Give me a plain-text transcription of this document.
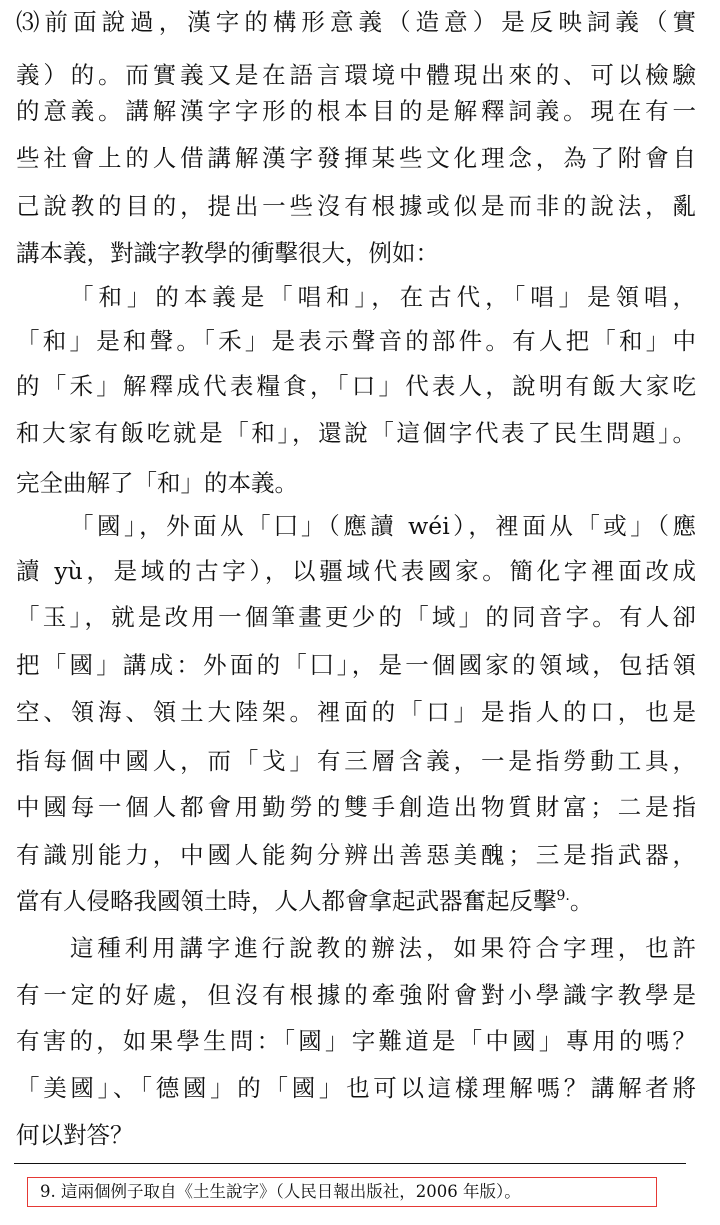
⑶前面說過，漢字的構形意義（造意）是反映詞義（實
義）的。而實義又是在語言環境中體現出來的、可以檢驗
的意義。講解漢字字形的根本目的是解釋詞義。現在有一
些社會上的人借講解漢字發揮某些文化理念，為了附會自
己說教的目的，提出一些沒有根據或似是而非的說法，亂
講本義，對識字教學的衝擊很大，例如：
「和」的本義是「唱和」，在古代，「唱」是領唱，
「和」是和聲。「禾」是表示聲音的部件。有人把「和」中
的「禾」解釋成代表糧食，「口」代表人，說明有飯大家吃
和大家有飯吃就是「和」，還說「這個字代表了民生問題」。
完全曲解了「和」的本義。
「國」，外面从「囗」（應讀 wéi），裡面从「或」（應
讀 yù，是域的古字），以疆域代表國家。簡化字裡面改成
「玉」，就是改用一個筆畫更少的「域」的同音字。有人卻
把「國」講成：外面的「囗」，是一個國家的領域，包括領
空、領海、領土大陸架。裡面的「口」是指人的口，也是
指每個中國人，而「戈」有三層含義，一是指勞動工具，
中國每一個人都會用勤勞的雙手創造出物質財富；二是指
有識別能力，中國人能夠分辨出善惡美醜；三是指武器，
當有人侵略我國領土時，人人都會拿起武器奮起反擊$^{9.}$。
這種利用講字進行說教的辦法，如果符合字理，也許
有一定的好處，但沒有根據的牽強附會對小學識字教學是
有害的，如果學生問：「國」字難道是「中國」專用的嗎？
「美國」、「德國」的「國」也可以這樣理解嗎？講解者將
何以對答？
9. 這兩個例子取自《土生說字》（人民日報出版社，2006 年版）。
